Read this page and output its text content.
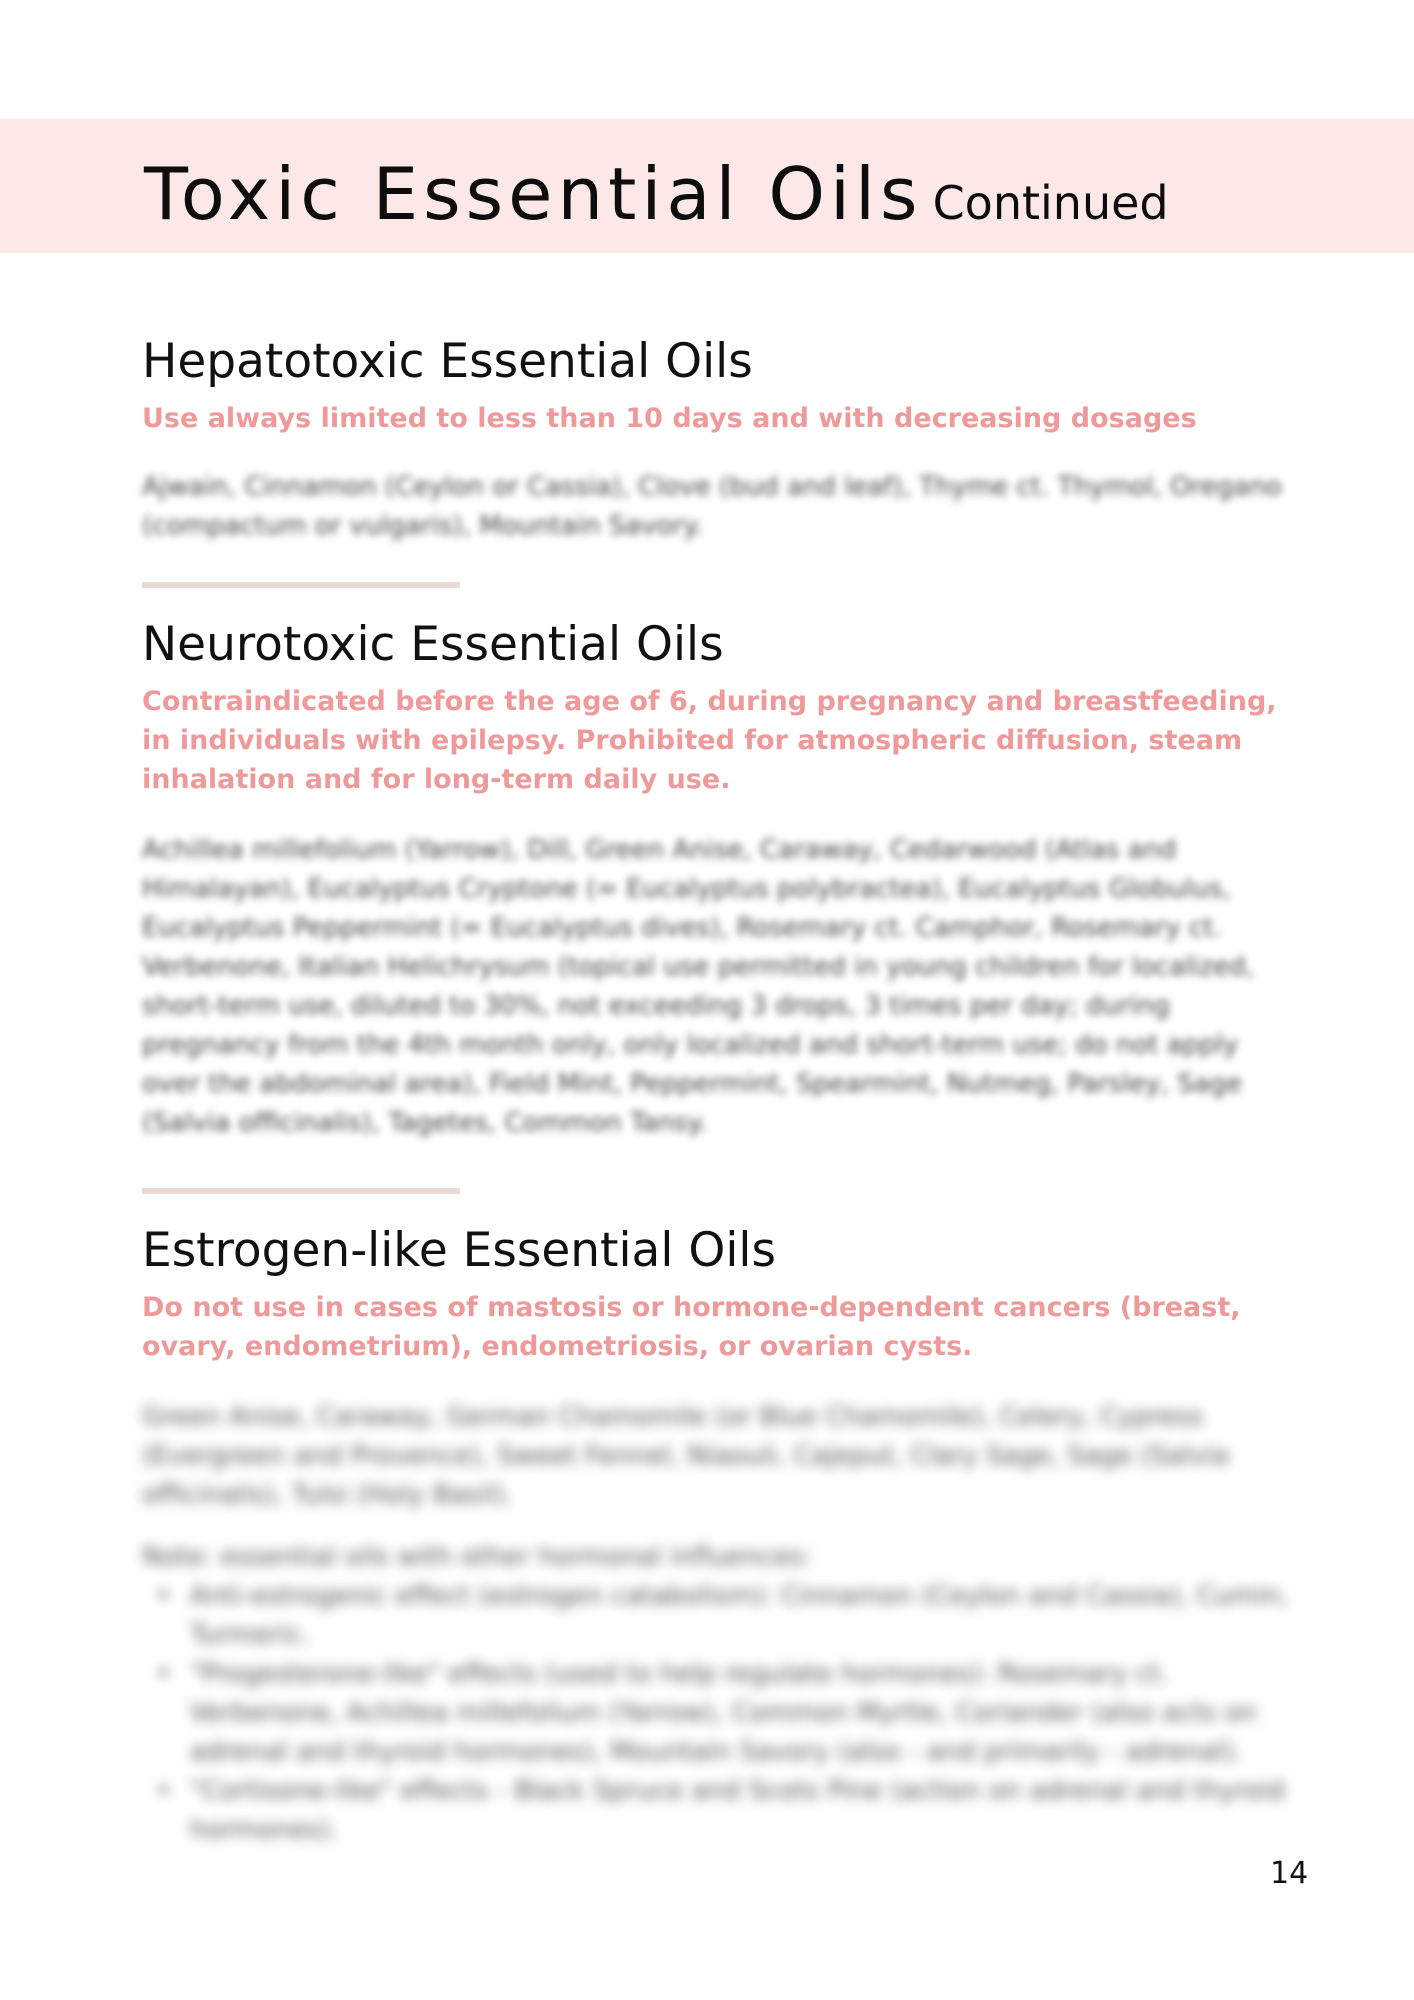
Toxic Essential Oils Continued
Hepatotoxic Essential Oils

Use always limited to less than 10 days and with decreasing dosages

Ajwain, Cinnamon (Ceylon or Cassia), Clove (bud and leaf), Thyme ct. Thymol, Oregano (compactum or vulgaris), Mountain Savory.

Neurotoxic Essential Oils

Contraindicated before the age of 6, during pregnancy and breastfeeding, in individuals with epilepsy. Prohibited for atmospheric diffusion, steam inhalation and for long-term daily use.

Achillea millefolium (Yarrow), Dill, Green Anise, Caraway, Cedarwood (Atlas and Himalayan), Eucalyptus Cryptone (= Eucalyptus polybractea), Eucalyptus Globulus, Eucalyptus Peppermint (= Eucalyptus dives), Rosemary ct. Camphor, Rosemary ct. Verbenone, Italian Helichrysum (topical use permitted in young children for localized, short-term use, diluted to 30%, not exceeding 3 drops, 3 times per day; during pregnancy from the 4th month only, only localized and short-term use; do not apply over the abdominal area), Field Mint, Peppermint, Spearmint, Nutmeg, Parsley, Sage (Salvia officinalis), Tagetes, Common Tansy.

Estrogen-like Essential Oils

Do not use in cases of mastosis or hormone-dependent cancers (breast, ovary, endometrium), endometriosis, or ovarian cysts.

Green Anise, Caraway, German Chamomile (or Blue Chamomile), Celery, Cypress (Evergreen and Provence), Sweet Fennel, Niaouli, Cajeput, Clary Sage, Sage (Salvia officinalis), Tulsi (Holy Basil).

Note: essential oils with other hormonal influences:

• Anti-estrogenic effect (estrogen catabolism): Cinnamon (Ceylon and Cassia), Cumin, Turmeric.
• "Progesterone-like" effects (used to help regulate hormones): Rosemary ct. Verbenone, Achillea millefolium (Yarrow), Common Myrtle, Coriander (also acts on adrenal and thyroid hormones), Mountain Savory (also - and primarily - adrenal).
• "Cortisone-like" effects - Black Spruce and Scots Pine (action on adrenal and thyroid hormones).
14
